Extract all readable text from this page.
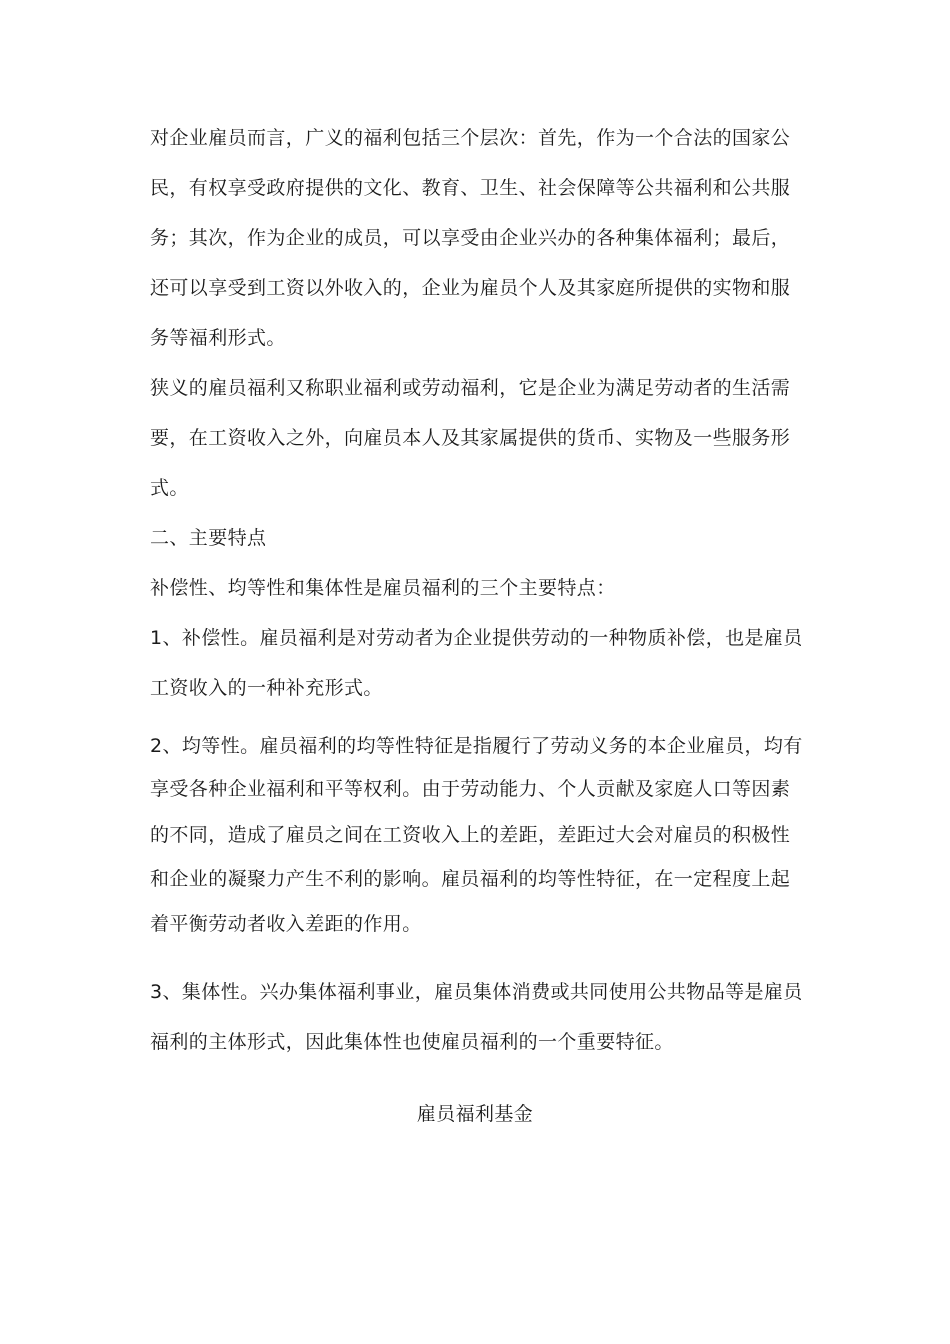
对企业雇员而言，广义的福利包括三个层次：首先，作为一个合法的国家公
民，有权享受政府提供的文化、教育、卫生、社会保障等公共福利和公共服
务；其次，作为企业的成员，可以享受由企业兴办的各种集体福利；最后，
还可以享受到工资以外收入的，企业为雇员个人及其家庭所提供的实物和服
务等福利形式。
狭义的雇员福利又称职业福利或劳动福利，它是企业为满足劳动者的生活需
要，在工资收入之外，向雇员本人及其家属提供的货币、实物及一些服务形
式。
二、主要特点
补偿性、均等性和集体性是雇员福利的三个主要特点：
1、补偿性。雇员福利是对劳动者为企业提供劳动的一种物质补偿，也是雇员
工资收入的一种补充形式。
2、均等性。雇员福利的均等性特征是指履行了劳动义务的本企业雇员，均有
享受各种企业福利和平等权利。由于劳动能力、个人贡献及家庭人口等因素
的不同，造成了雇员之间在工资收入上的差距，差距过大会对雇员的积极性
和企业的凝聚力产生不利的影响。雇员福利的均等性特征，在一定程度上起
着平衡劳动者收入差距的作用。
3、集体性。兴办集体福利事业，雇员集体消费或共同使用公共物品等是雇员
福利的主体形式，因此集体性也使雇员福利的一个重要特征。
雇员福利基金
